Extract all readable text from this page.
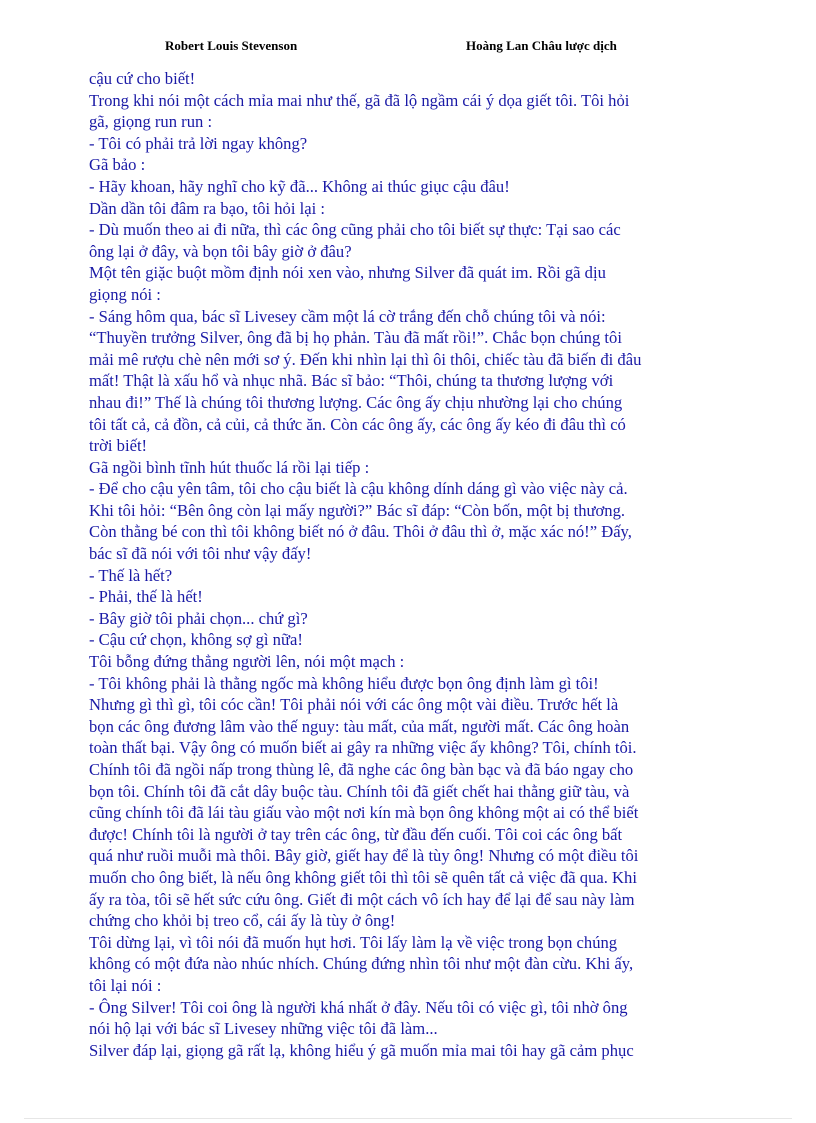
Robert Louis Stevenson	Hoàng Lan Châu lược dịch

cậu cứ cho biết!

Trong khi nói một cách mỉa mai như thế, gã đã lộ ngầm cái ý dọa giết tôi. Tôi hỏi

gã, giọng run run :

- Tôi có phải trả lời ngay không?

Gã bảo :

- Hãy khoan, hãy nghĩ cho kỹ đã... Không ai thúc giục cậu đâu!

Dần dần tôi đâm ra bạo, tôi hỏi lại :

- Dù muốn theo ai đi nữa, thì các ông cũng phải cho tôi biết sự thực: Tại sao các

ông lại ở đây, và bọn tôi bây giờ ở đâu?

Một tên giặc buột mồm định nói xen vào, nhưng Silver đã quát im. Rồi gã dịu

giọng nói :

- Sáng hôm qua, bác sĩ Livesey cầm một lá cờ trắng đến chỗ chúng tôi và nói:

“Thuyền trưởng Silver, ông đã bị họ phản. Tàu đã mất rồi!”. Chắc bọn chúng tôi

mải mê rượu chè nên mới sơ ý. Đến khi nhìn lại thì ôi thôi, chiếc tàu đã biến đi đâu

mất! Thật là xấu hổ và nhục nhã. Bác sĩ bảo: “Thôi, chúng ta thương lượng với

nhau đi!” Thế là chúng tôi thương lượng. Các ông ấy chịu nhường lại cho chúng

tôi tất cả, cả đồn, cả củi, cả thức ăn. Còn các ông ấy, các ông ấy kéo đi đâu thì có

trời biết!

Gã ngồi bình tĩnh hút thuốc lá rồi lại tiếp :

- Để cho cậu yên tâm, tôi cho cậu biết là cậu không dính dáng gì vào việc này cả.

Khi tôi hỏi: “Bên ông còn lại mấy người?” Bác sĩ đáp: “Còn bốn, một bị thương.

Còn thằng bé con thì tôi không biết nó ở đâu. Thôi ở đâu thì ở, mặc xác nó!” Đấy,

bác sĩ đã nói với tôi như vậy đấy!

- Thế là hết?

- Phải, thế là hết!

- Bây giờ tôi phải chọn... chứ gì?

- Cậu cứ chọn, không sợ gì nữa!

Tôi bỗng đứng thẳng người lên, nói một mạch :

- Tôi không phải là thằng ngốc mà không hiểu được bọn ông định làm gì tôi!

Nhưng gì thì gì, tôi cóc cần! Tôi phải nói với các ông một vài điều. Trước hết là

bọn các ông đương lâm vào thế nguy: tàu mất, của mất, người mất. Các ông hoàn

toàn thất bại. Vậy ông có muốn biết ai gây ra những việc ấy không? Tôi, chính tôi.

Chính tôi đã ngồi nấp trong thùng lê, đã nghe các ông bàn bạc và đã báo ngay cho

bọn tôi. Chính tôi đã cắt dây buộc tàu. Chính tôi đã giết chết hai thằng giữ tàu, và

cũng chính tôi đã lái tàu giấu vào một nơi kín mà bọn ông không một ai có thể biết

được! Chính tôi là người ở tay trên các ông, từ đầu đến cuối. Tôi coi các ông bất

quá như ruồi muỗi mà thôi. Bây giờ, giết hay để là tùy ông! Nhưng có một điều tôi

muốn cho ông biết, là nếu ông không giết tôi thì tôi sẽ quên tất cả việc đã qua. Khi

ấy ra tòa, tôi sẽ hết sức cứu ông. Giết đi một cách vô ích hay để lại để sau này làm

chứng cho khỏi bị treo cổ, cái ấy là tùy ở ông!

Tôi dừng lại, vì tôi nói đã muốn hụt hơi. Tôi lấy làm lạ về việc trong bọn chúng

không có một đứa nào nhúc nhích. Chúng đứng nhìn tôi như một đàn cừu. Khi ấy,

tôi lại nói :

- Ông Silver! Tôi coi ông là người khá nhất ở đây. Nếu tôi có việc gì, tôi nhờ ông

nói hộ lại với bác sĩ Livesey những việc tôi đã làm...

Silver đáp lại, giọng gã rất lạ, không hiểu ý gã muốn mỉa mai tôi hay gã cảm phục
